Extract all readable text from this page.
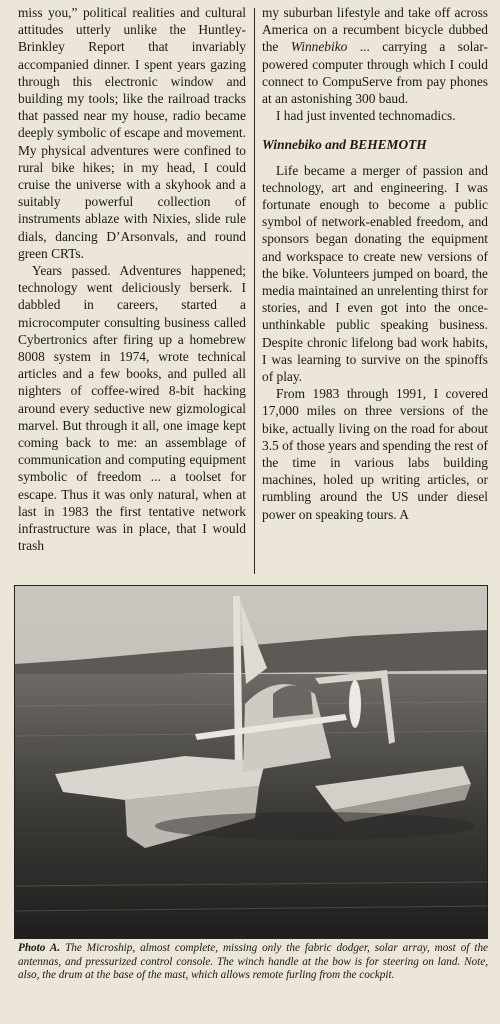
miss you,” political realities and cultural attitudes utterly unlike the Huntley-Brinkley Report that invariably accompanied dinner. I spent years gazing through this electronic window and building my tools; like the railroad tracks that passed near my house, radio became deeply symbolic of escape and movement. My physical adventures were confined to rural bike hikes; in my head, I could cruise the universe with a skyhook and a suitably powerful collection of instruments ablaze with Nixies, slide rule dials, dancing D’Arsonvals, and round green CRTs.

Years passed. Adventures happened; technology went deliciously berserk. I dabbled in careers, started a microcomputer consulting business called Cybertronics after firing up a homebrew 8008 system in 1974, wrote technical articles and a few books, and pulled all nighters of coffee-wired 8-bit hacking around every seductive new gizmological marvel. But through it all, one image kept coming back to me: an assemblage of communication and computing equipment symbolic of freedom ... a toolset for escape. Thus it was only natural, when at last in 1983 the first tentative network infrastructure was in place, that I would trash

my suburban lifestyle and take off across America on a recumbent bicycle dubbed the Winnebiko ... carrying a solar-powered computer through which I could connect to CompuServe from pay phones at an astonishing 300 baud.

I had just invented technomadics.

Winnebiko and BEHEMOTH

Life became a merger of passion and technology, art and engineering. I was fortunate enough to become a public symbol of network-enabled freedom, and sponsors began donating the equipment and workspace to create new versions of the bike. Volunteers jumped on board, the media maintained an unrelenting thirst for stories, and I even got into the once-unthinkable public speaking business. Despite chronic lifelong bad work habits, I was learning to survive on the spinoffs of play.

From 1983 through 1991, I covered 17,000 miles on three versions of the bike, actually living on the road for about 3.5 of those years and spending the rest of the time in various labs building machines, holed up writing articles, or rumbling around the US under diesel power on speaking tours. A

Photo A. The Microship, almost complete, missing only the fabric dodger, solar array, most of the antennas, and pressurized control console. The winch handle at the bow is for steering on land. Note, also, the drum at the base of the mast, which allows remote furling from the cockpit.
